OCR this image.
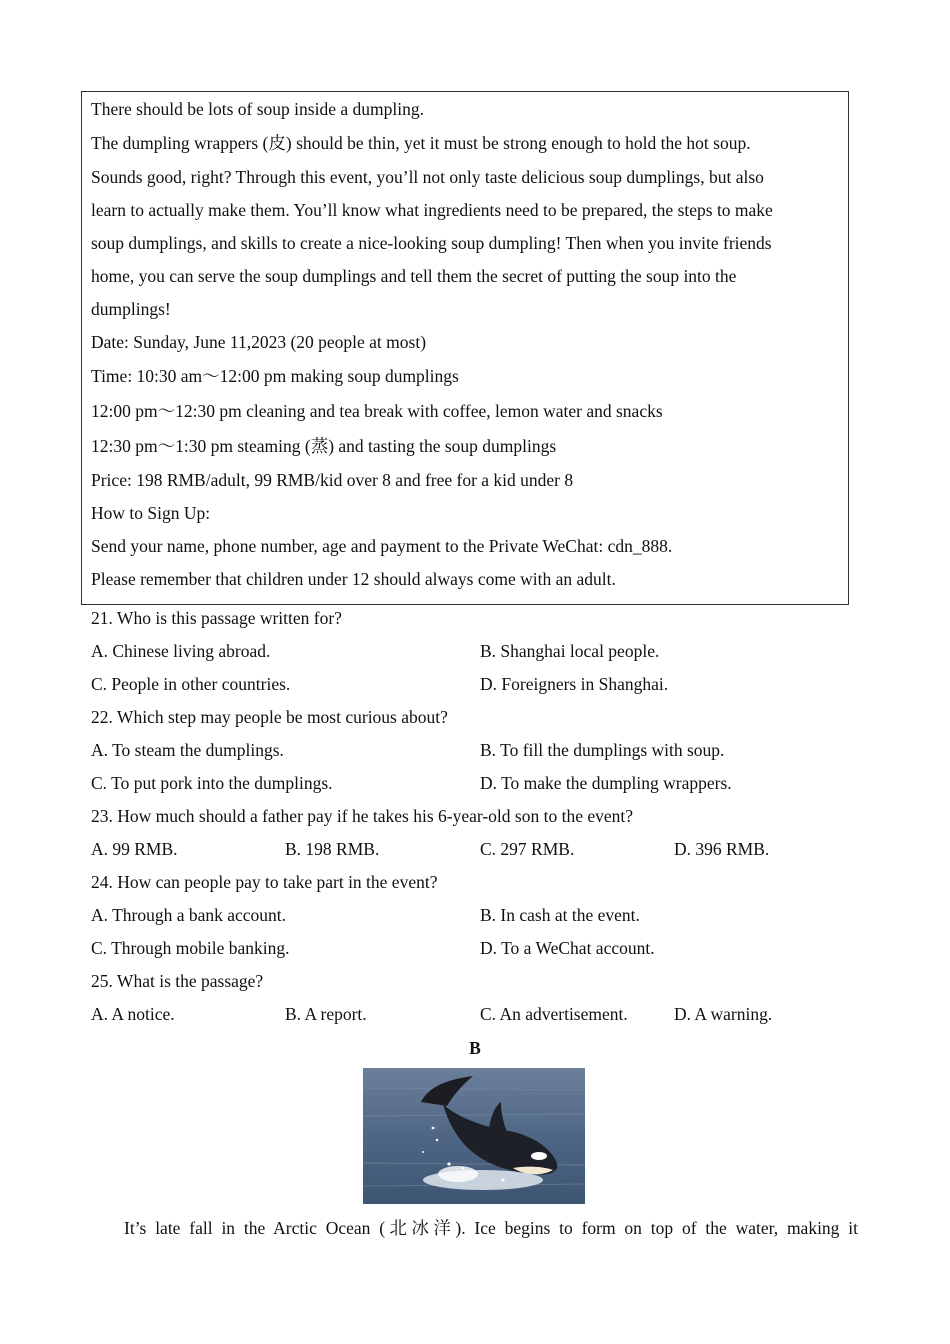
There should be lots of soup inside a dumpling.
The dumpling wrappers (皮) should be thin, yet it must be strong enough to hold the hot soup.
Sounds good, right? Through this event, you’ll not only taste delicious soup dumplings, but also
learn to actually make them. You’ll know what ingredients need to be prepared, the steps to make
soup dumplings, and skills to create a nice-looking soup dumpling! Then when you invite friends
home, you can serve the soup dumplings and tell them the secret of putting the soup into the
dumplings!
Date: Sunday, June 11,2023 (20 people at most)
Time: 10:30 am～12:00 pm making soup dumplings
12:00 pm～12:30 pm cleaning and tea break with coffee, lemon water and snacks
12:30 pm～1:30 pm steaming (蒸) and tasting the soup dumplings
Price: 198 RMB/adult, 99 RMB/kid over 8 and free for a kid under 8
How to Sign Up:
Send your name, phone number, age and payment to the Private WeChat: cdn_888.
Please remember that children under 12 should always come with an adult.
21. Who is this passage written for?
A. Chinese living abroad.	B. Shanghai local people.
C. People in other countries.	D. Foreigners in Shanghai.
22. Which step may people be most curious about?
A. To steam the dumplings.	B. To fill the dumplings with soup.
C. To put pork into the dumplings.	D. To make the dumpling wrappers.
23. How much should a father pay if he takes his 6-year-old son to the event?
A. 99 RMB.	B. 198 RMB.	C. 297 RMB.	D. 396 RMB.
24. How can people pay to take part in the event?
A. Through a bank account.	B. In cash at the event.
C. Through mobile banking.	D. To a WeChat account.
25. What is the passage?
A. A notice.	B. A report.	C. An advertisement.	D. A warning.
B
It’s late fall in the Arctic Ocean (北冰洋). Ice begins to form on top of the water, making it
